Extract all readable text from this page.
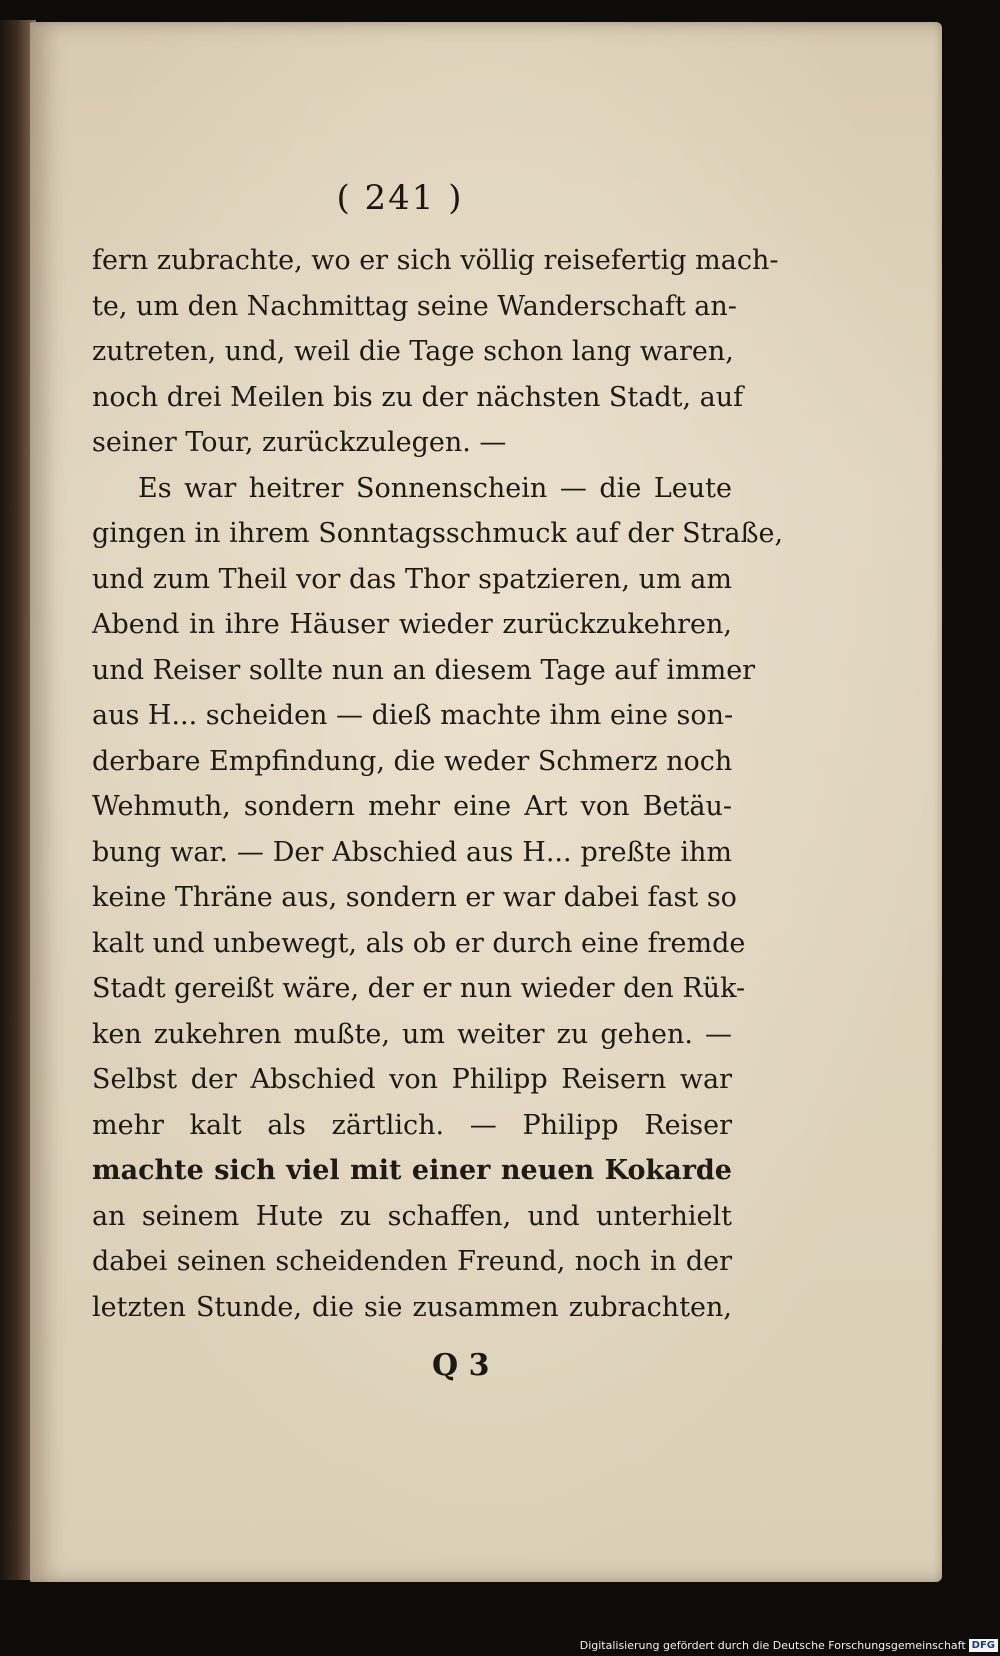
( 241 )
fern zubrachte, wo er sich völlig reisefertig mach-
te, um den Nachmittag seine Wanderschaft an-
zutreten, und, weil die Tage schon lang waren,
noch drei Meilen bis zu der nächsten Stadt, auf
seiner Tour, zurückzulegen. —
Es war heitrer Sonnenschein — die Leute
gingen in ihrem Sonntagsschmuck auf der Straße,
und zum Theil vor das Thor spatzieren, um am
Abend in ihre Häuser wieder zurückzukehren,
und Reiser sollte nun an diesem Tage auf immer
aus H... scheiden — dieß machte ihm eine son-
derbare Empfindung, die weder Schmerz noch
Wehmuth, sondern mehr eine Art von Betäu-
bung war. — Der Abschied aus H... preßte ihm
keine Thräne aus, sondern er war dabei fast so
kalt und unbewegt, als ob er durch eine fremde
Stadt gereißt wäre, der er nun wieder den Rük-
ken zukehren mußte, um weiter zu gehen. —
Selbst der Abschied von Philipp Reisern war
mehr kalt als zärtlich. — Philipp Reiser
machte sich viel mit einer neuen Kokarde
an seinem Hute zu schaffen, und unterhielt
dabei seinen scheidenden Freund, noch in der
letzten Stunde, die sie zusammen zubrachten,
Q 3
Digitalisierung gefördert durch die Deutsche Forschungsgemeinschaft DFG
